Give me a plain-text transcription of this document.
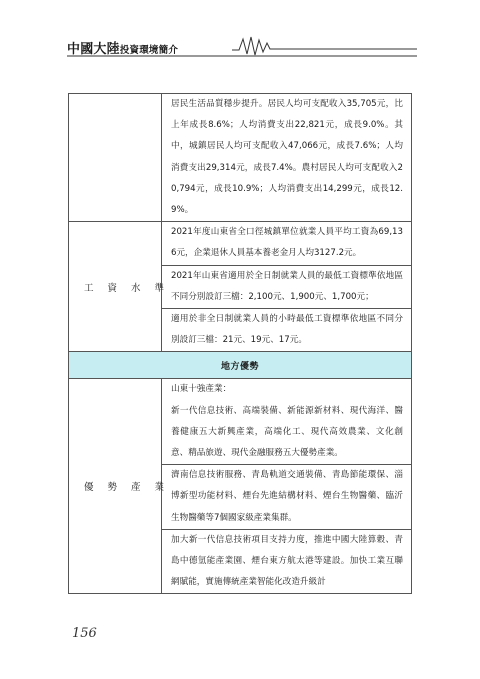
中國大陸投資環境簡介

	居民生活品質穩步提升。居民人均可支配收入35,705元，比上年成長8.6%；人均消費支出22,821元，成長9.0%。其中，城鎮居民人均可支配收入47,066元，成長7.6%；人均消費支出29,314元，成長7.4%。農村居民人均可支配收入20,794元，成長10.9%；人均消費支出14,299元，成長12.9%。

工資水準	2021年度山東省全口徑城鎮單位就業人員平均工資為69,136元，企業退休人員基本養老金月人均3127.2元。
2021年山東省適用於全日制就業人員的最低工資標準依地區不同分別設訂三檔：2,100元、1,900元、1,700元；
適用於非全日制就業人員的小時最低工資標準依地區不同分別設訂三檔：21元、19元、17元。

地方優勢	
優勢產業	山東十強產業：
新一代信息技術、高端裝備、新能源新材料、現代海洋、醫養健康五大新興產業，高端化工、現代高效農業、文化創意、精品旅遊、現代金融服務五大優勢產業。
濟南信息技術服務、青島軌道交通裝備、青島節能環保、淄博新型功能材料、煙台先進結構材料、煙台生物醫藥、臨沂生物醫藥等7個國家級產業集群。
加大新一代信息技術項目支持力度，推進中國大陸算穀、青島中德氫能產業園、煙台東方航太港等建設。加快工業互聯網賦能，實施傳統產業智能化改造升級計
156
